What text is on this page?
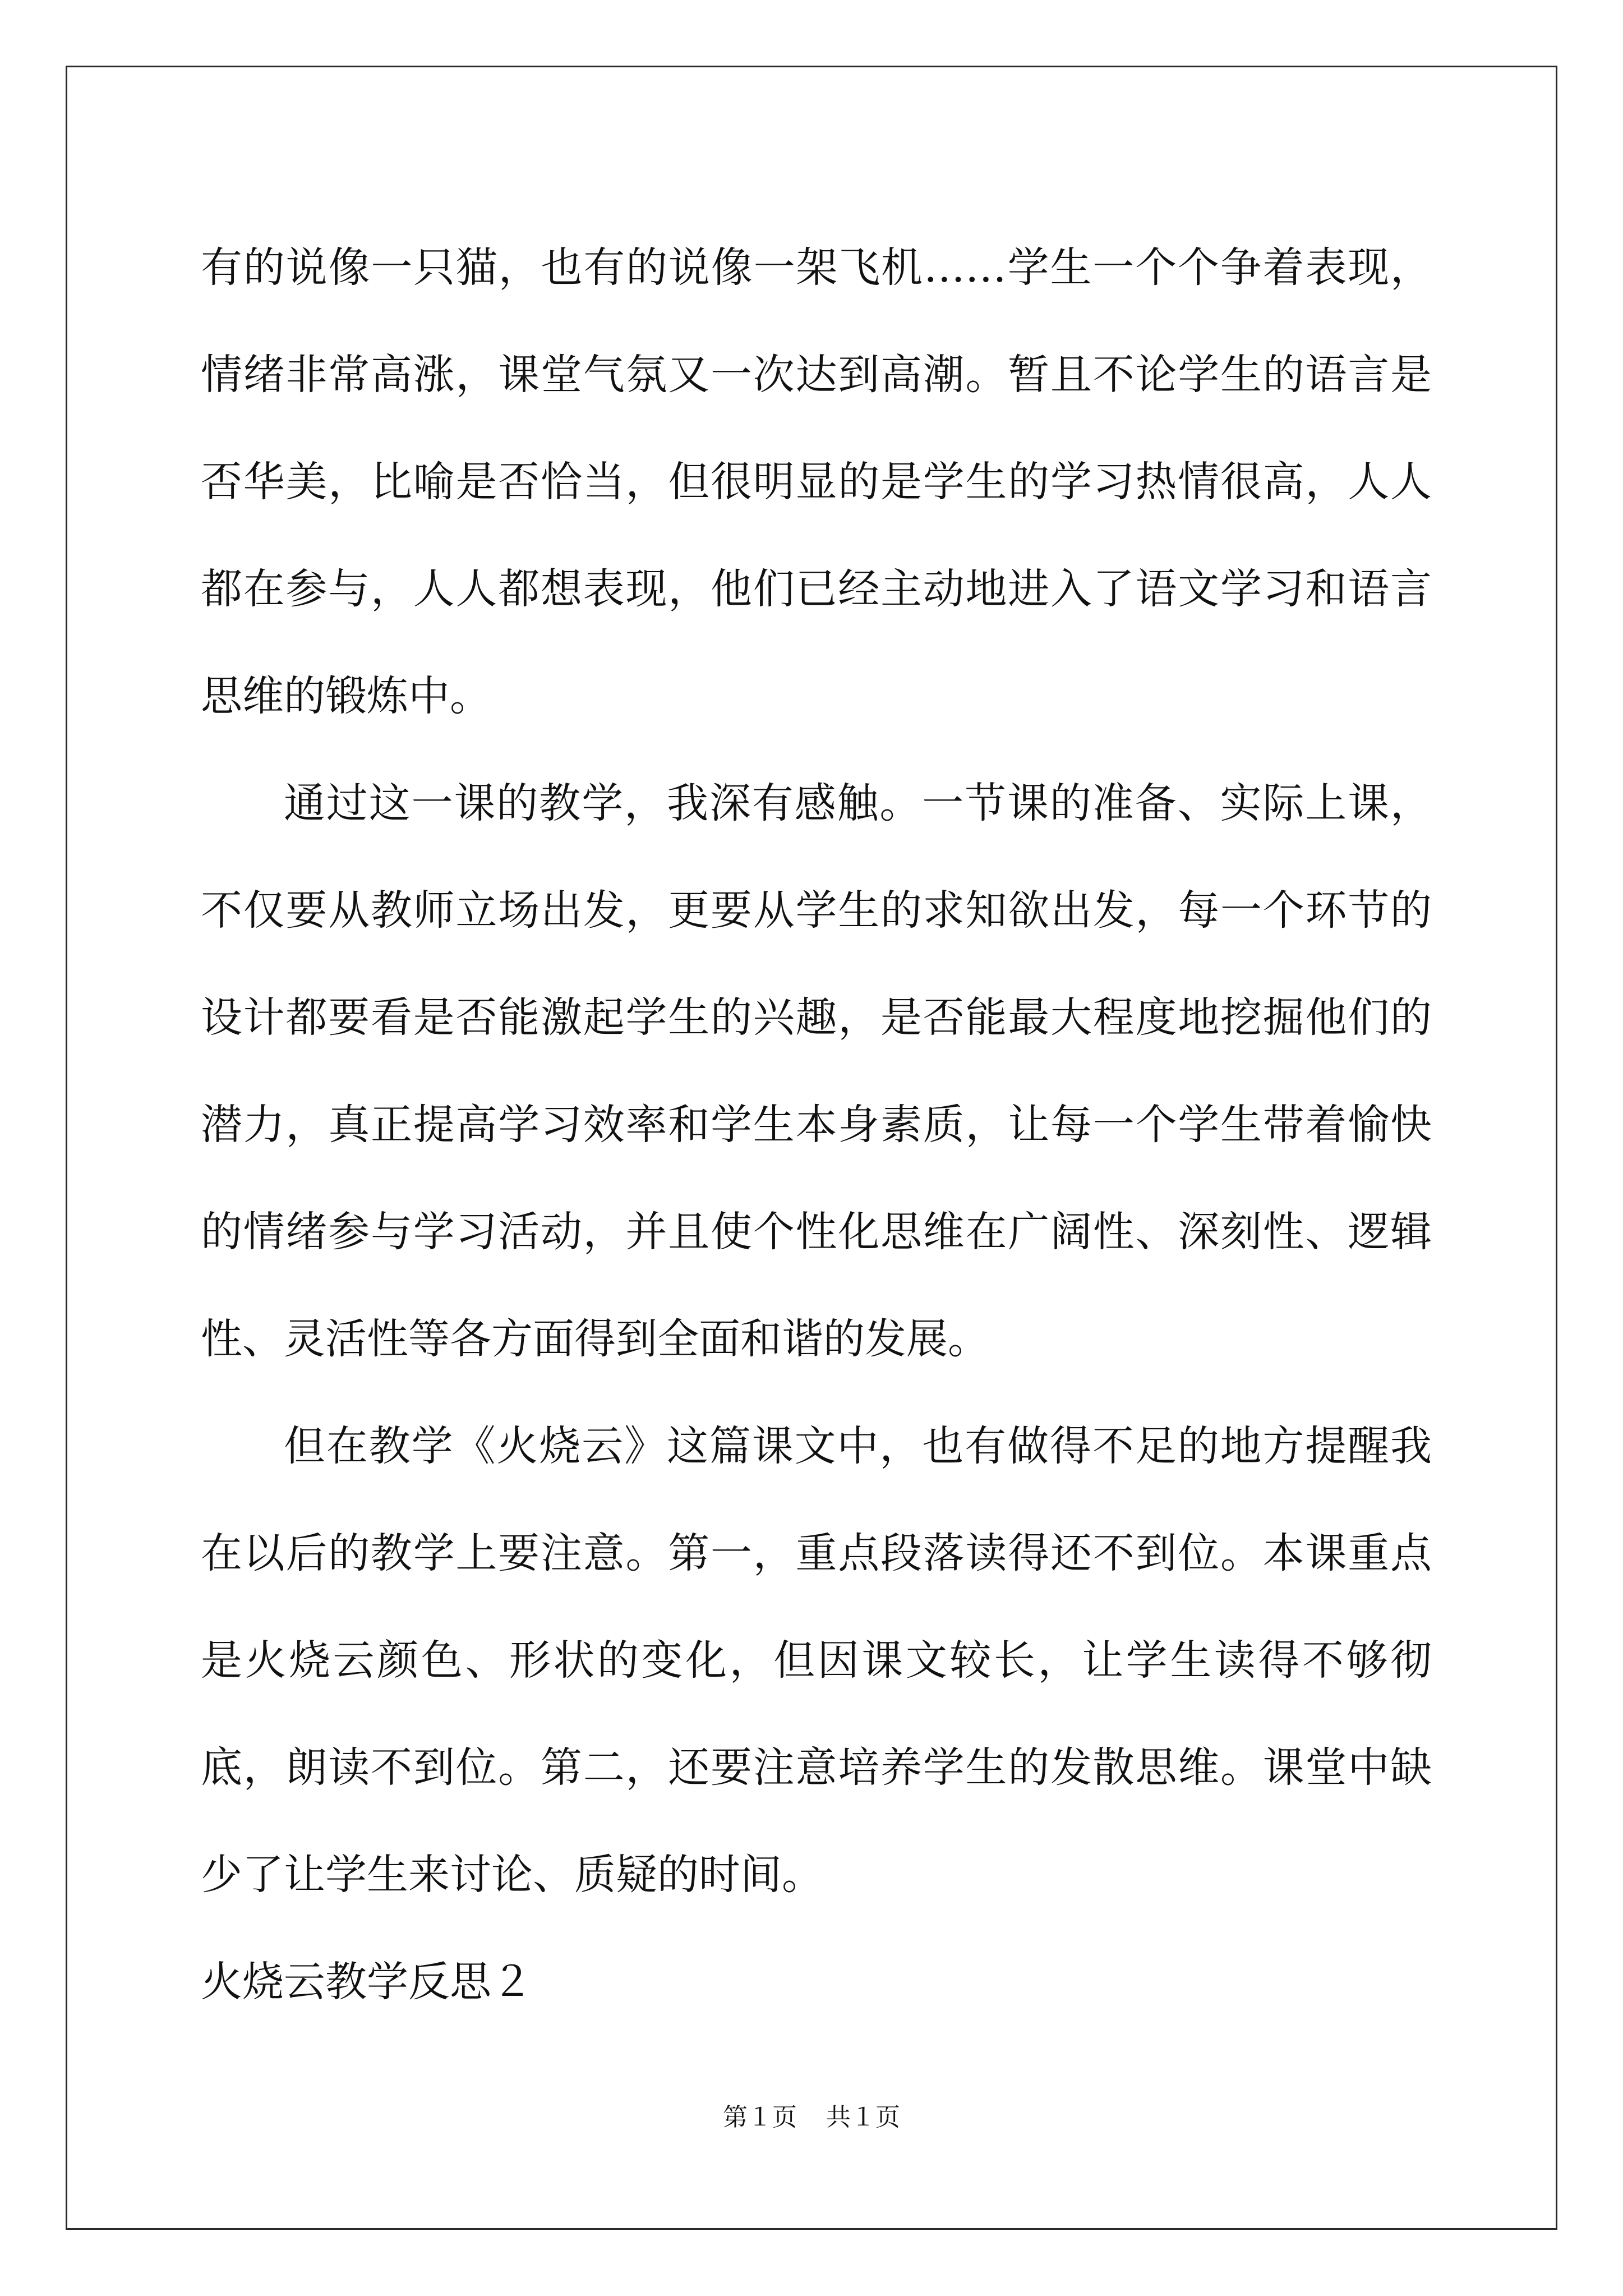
有的说像一只猫，也有的说像一架飞机……学生一个个争着表现，情绪非常高涨，课堂气氛又一次达到高潮。暂且不论学生的语言是否华美，比喻是否恰当，但很明显的是学生的学习热情很高，人人都在参与，人人都想表现，他们已经主动地进入了语文学习和语言思维的锻炼中。

通过这一课的教学，我深有感触。一节课的准备、实际上课，不仅要从教师立场出发，更要从学生的求知欲出发，每一个环节的设计都要看是否能激起学生的兴趣，是否能最大程度地挖掘他们的潜力，真正提高学习效率和学生本身素质，让每一个学生带着愉快的情绪参与学习活动，并且使个性化思维在广阔性、深刻性、逻辑性、灵活性等各方面得到全面和谐的发展。

但在教学《火烧云》这篇课文中，也有做得不足的地方提醒我在以后的教学上要注意。第一，重点段落读得还不到位。本课重点是火烧云颜色、形状的变化，但因课文较长，让学生读得不够彻底，朗读不到位。第二，还要注意培养学生的发散思维。课堂中缺少了让学生来讨论、质疑的时间。

火烧云教学反思２

第１页 共１页
